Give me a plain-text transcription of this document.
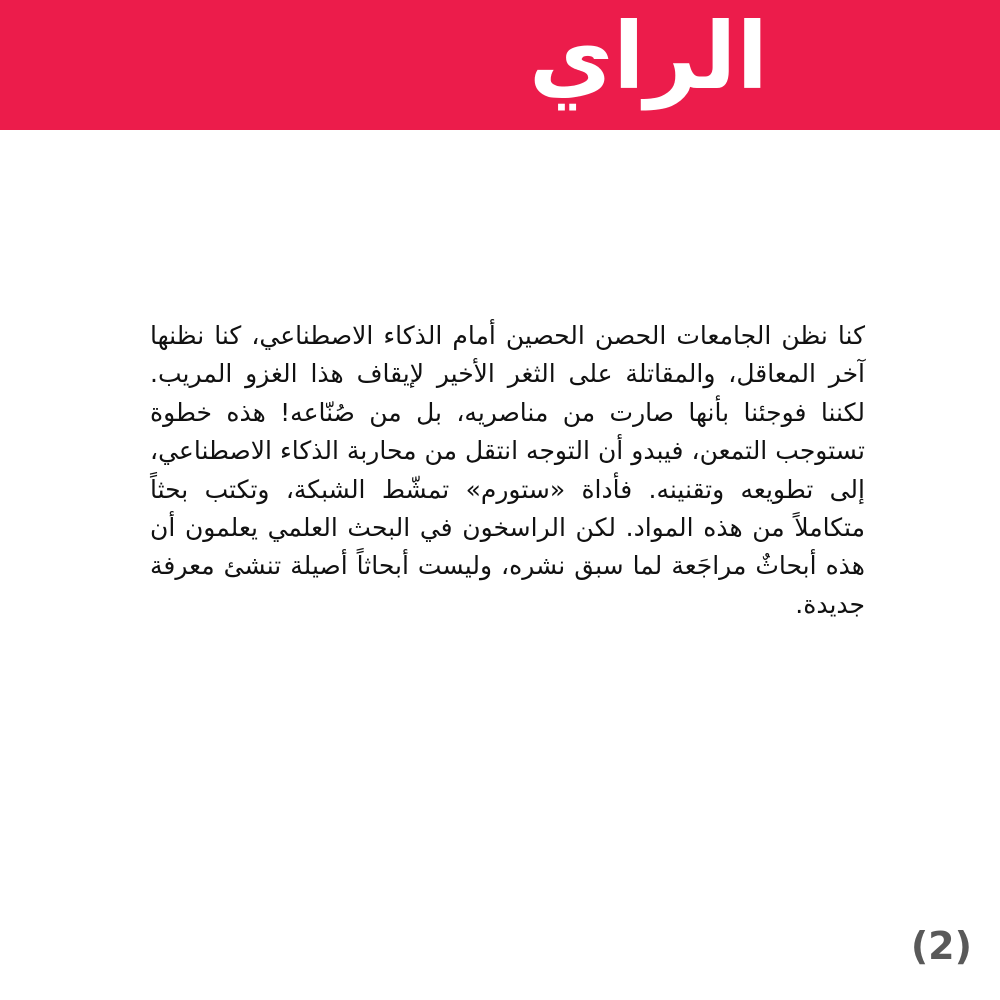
الراي
كنا نظن الجامعات الحصن الحصين أمام الذكاء الاصطناعي، كنا نظنها آخر المعاقل، والمقاتلة على الثغر الأخير لإيقاف هذا الغزو المريب. لكننا فوجئنا بأنها صارت من مناصريه، بل من صُنّاعه! هذه خطوة تستوجب التمعن، فيبدو أن التوجه انتقل من محاربة الذكاء الاصطناعي، إلى تطويعه وتقنينه. فأداة «ستورم» تمشّط الشبكة، وتكتب بحثاً متكاملاً من هذه المواد. لكن الراسخون في البحث العلمي يعلمون أن هذه أبحاثٌ مراجَعة لما سبق نشره، وليست أبحاثاً أصيلة تنشئ معرفة جديدة.
(2)
